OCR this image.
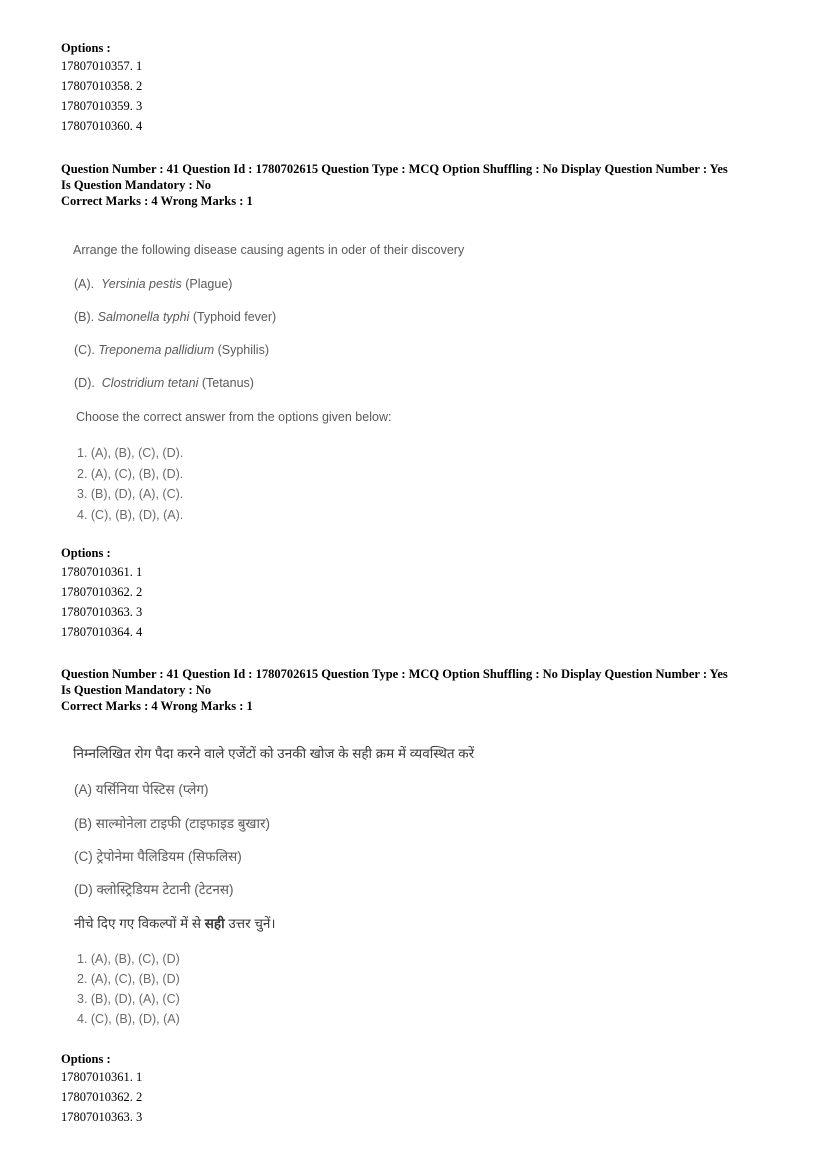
Options :
17807010357. 1
17807010358. 2
17807010359. 3
17807010360. 4
Question Number : 41 Question Id : 1780702615 Question Type : MCQ Option Shuffling : No Display Question Number : Yes
Is Question Mandatory : No
Correct Marks : 4 Wrong Marks : 1
Arrange the following disease causing agents in oder of their discovery
(A). Yersinia pestis (Plague)
(B). Salmonella typhi (Typhoid fever)
(C). Treponema pallidium (Syphilis)
(D). Clostridium tetani (Tetanus)
Choose the correct answer from the options given below:
1. (A), (B), (C), (D).
2. (A), (C), (B), (D).
3. (B), (D), (A), (C).
4. (C), (B), (D), (A).
Options :
17807010361. 1
17807010362. 2
17807010363. 3
17807010364. 4
Question Number : 41 Question Id : 1780702615 Question Type : MCQ Option Shuffling : No Display Question Number : Yes
Is Question Mandatory : No
Correct Marks : 4 Wrong Marks : 1
निम्नलिखित रोग पैदा करने वाले एजेंटों को उनकी खोज के सही क्रम में व्यवस्थित करें
(A) यर्सिनिया पेस्टिस (प्लेग)
(B) साल्मोनेला टाइफी (टाइफाइड बुखार)
(C) ट्रेपोनेमा पैलिडियम (सिफलिस)
(D) क्लोस्ट्रिडियम टेटानी (टेटनस)
नीचे दिए गए विकल्पों में से सही उत्तर चुनें।
1. (A), (B), (C), (D)
2. (A), (C), (B), (D)
3. (B), (D), (A), (C)
4. (C), (B), (D), (A)
Options :
17807010361. 1
17807010362. 2
17807010363. 3
